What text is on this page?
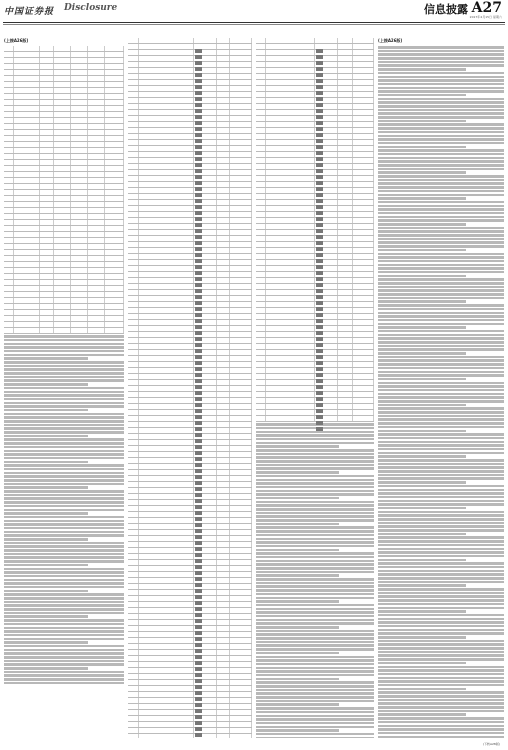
中国证券报 Disclosure	信息披露 A27
2017年4月15日 星期六
(上接A26版)	(上接A26版)
(下转A28版)
